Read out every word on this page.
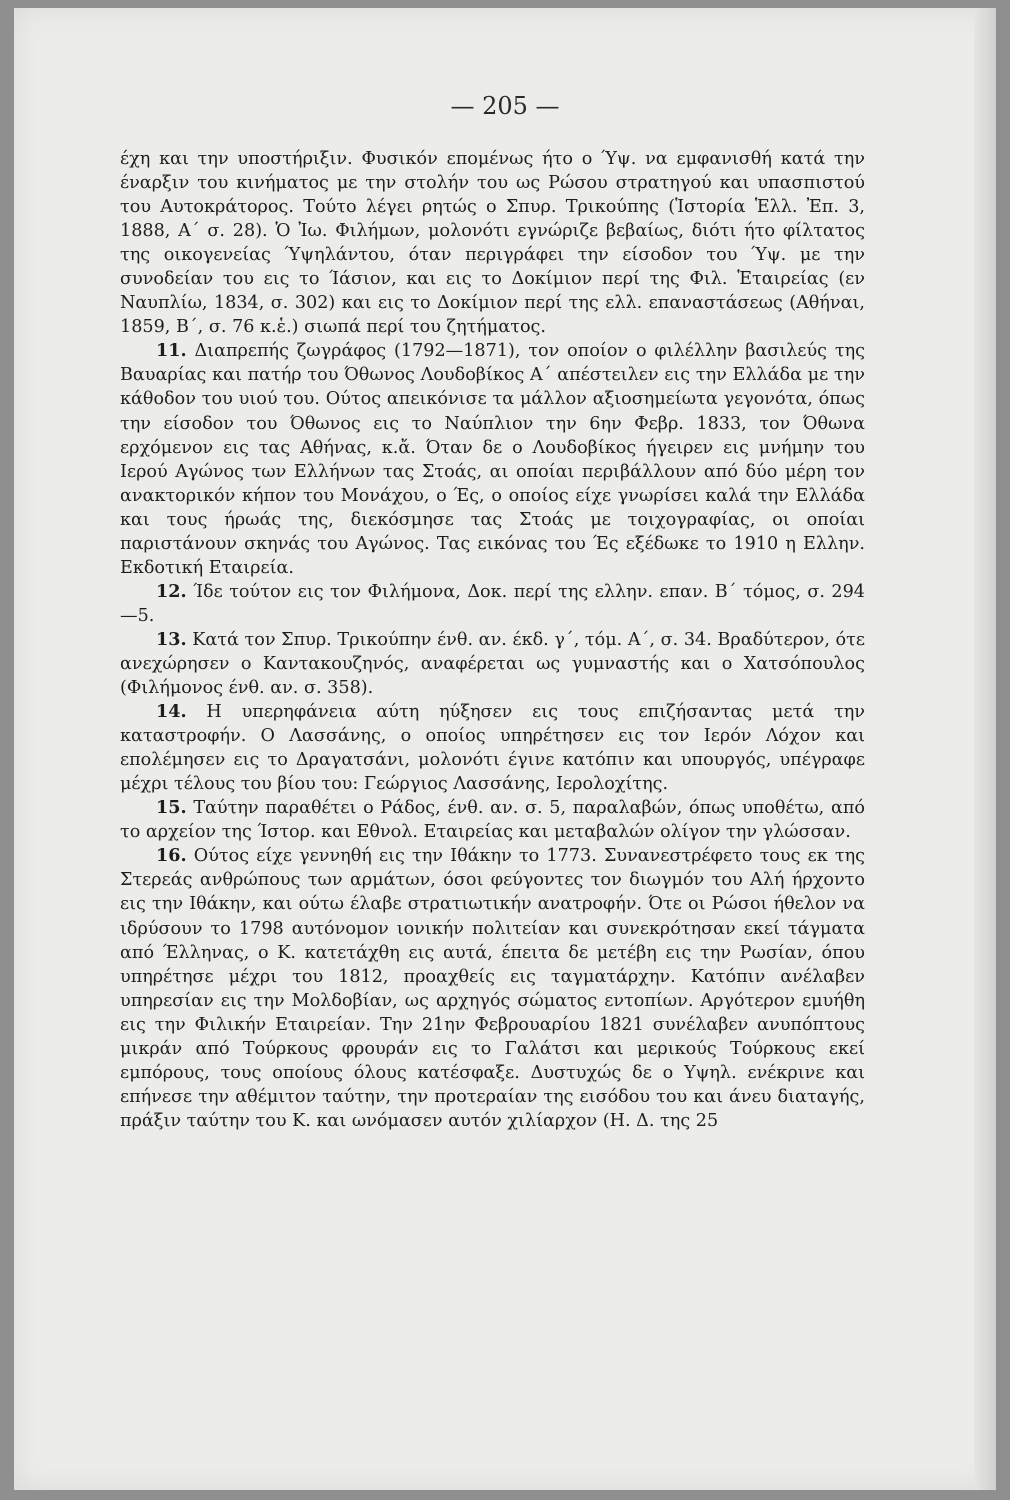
— 205 —

έχη και την υποστήριξιν. Φυσικόν επομένως ήτο ο Ύψ. να εμφανισθή κατά την έναρξιν του κινήματος με την στολήν του ως Ρώσου στρατηγού και υπασπιστού του Αυτοκράτορος. Τούτο λέγει ρητώς ο Σπυρ. Τρικούπης (Ἱστορία Ἑλλ. Ἐπ. 3, 1888, Α΄ σ. 28). Ὁ Ἰω. Φιλήμων, μολονότι εγνώριζε βεβαίως, διότι ήτο φίλτατος της οικογενείας Ύψηλάντου, όταν περιγράφει την είσοδον του Ύψ. με την συνοδείαν του εις το Ίάσιον, και εις το Δοκίμιον περί της Φιλ. Ἑταιρείας (εν Ναυπλίω, 1834, σ. 302) και εις το Δοκίμιον περί της ελλ. επαναστάσεως (Αθήναι, 1859, Β΄, σ. 76 κ.ἑ.) σιωπά περί του ζητήματος.

11. Διαπρεπής ζωγράφος (1792—1871), τον οποίον ο φιλέλλην βασιλεύς της Βαυαρίας και πατήρ του Όθωνος Λουδοβίκος Α΄ απέστειλεν εις την Ελλάδα με την κάθοδον του υιού του. Ούτος απεικόνισε τα μάλλον αξιοσημείωτα γεγονότα, όπως την είσοδον του Όθωνος εις το Ναύπλιον την 6ην Φεβρ. 1833, τον Όθωνα ερχόμενον εις τας Αθήνας, κ.ἄ. Όταν δε ο Λουδοβίκος ήγειρεν εις μνήμην του Ιερού Αγώνος των Ελλήνων τας Στοάς, αι οποίαι περιβάλλουν από δύο μέρη τον ανακτορικόν κήπον του Μονάχου, ο Ές, ο οποίος είχε γνωρίσει καλά την Ελλάδα και τους ήρωάς της, διεκόσμησε τας Στοάς με τοιχογραφίας, οι οποίαι παριστάνουν σκηνάς του Αγώνος. Τας εικόνας του Ές εξέδωκε το 1910 η Ελλην. Εκδοτική Εταιρεία.

12. Ίδε τούτον εις τον Φιλήμονα, Δοκ. περί της ελλην. επαν. Β΄ τόμος, σ. 294—5.

13. Κατά τον Σπυρ. Τρικούπην ένθ. αν. έκδ. γ΄, τόμ. Α΄, σ. 34. Βραδύτερον, ότε ανεχώρησεν ο Καντακουζηνός, αναφέρεται ως γυμναστής και ο Χατσόπουλος (Φιλήμονος ένθ. αν. σ. 358).

14. Η υπερηφάνεια αύτη ηύξησεν εις τους επιζήσαντας μετά την καταστροφήν. Ο Λασσάνης, ο οποίος υπηρέτησεν εις τον Ιερόν Λόχον και επολέμησεν εις το Δραγατσάνι, μολονότι έγινε κατόπιν και υπουργός, υπέγραφε μέχρι τέλους του βίου του: Γεώργιος Λασσάνης, Ιερολοχίτης.

15. Ταύτην παραθέτει ο Ράδος, ένθ. αν. σ. 5, παραλαβών, όπως υποθέτω, από το αρχείον της Ίστορ. και Εθνολ. Εταιρείας και μεταβαλών ολίγον την γλώσσαν.

16. Ούτος είχε γεννηθή εις την Ιθάκην το 1773. Συνανεστρέφετο τους εκ της Στερεάς ανθρώπους των αρμάτων, όσοι φεύγοντες τον διωγμόν του Αλή ήρχοντο εις την Ιθάκην, και ούτω έλαβε στρατιωτικήν ανατροφήν. Ότε οι Ρώσοι ήθελον να ιδρύσουν το 1798 αυτόνομον ιονικήν πολιτείαν και συνεκρότησαν εκεί τάγματα από Έλληνας, ο Κ. κατετάχθη εις αυτά, έπειτα δε μετέβη εις την Ρωσίαν, όπου υπηρέτησε μέχρι του 1812, προαχθείς εις ταγματάρχην. Κατόπιν ανέλαβεν υπηρεσίαν εις την Μολδοβίαν, ως αρχηγός σώματος εντοπίων. Αργότερον εμυήθη εις την Φιλικήν Εταιρείαν. Την 21ην Φεβρουαρίου 1821 συνέλαβεν ανυπόπτους μικράν από Τούρκους φρουράν εις το Γαλάτσι και μερικούς Τούρκους εκεί εμπόρους, τους οποίους όλους κατέσφαξε. Δυστυχώς δε ο Υψηλ. ενέκρινε και επήνεσε την αθέμιτον ταύτην, την προτεραίαν της εισόδου του και άνευ διαταγής, πράξιν ταύτην του Κ. και ωνόμασεν αυτόν χιλίαρχον (Η. Δ. της 25
